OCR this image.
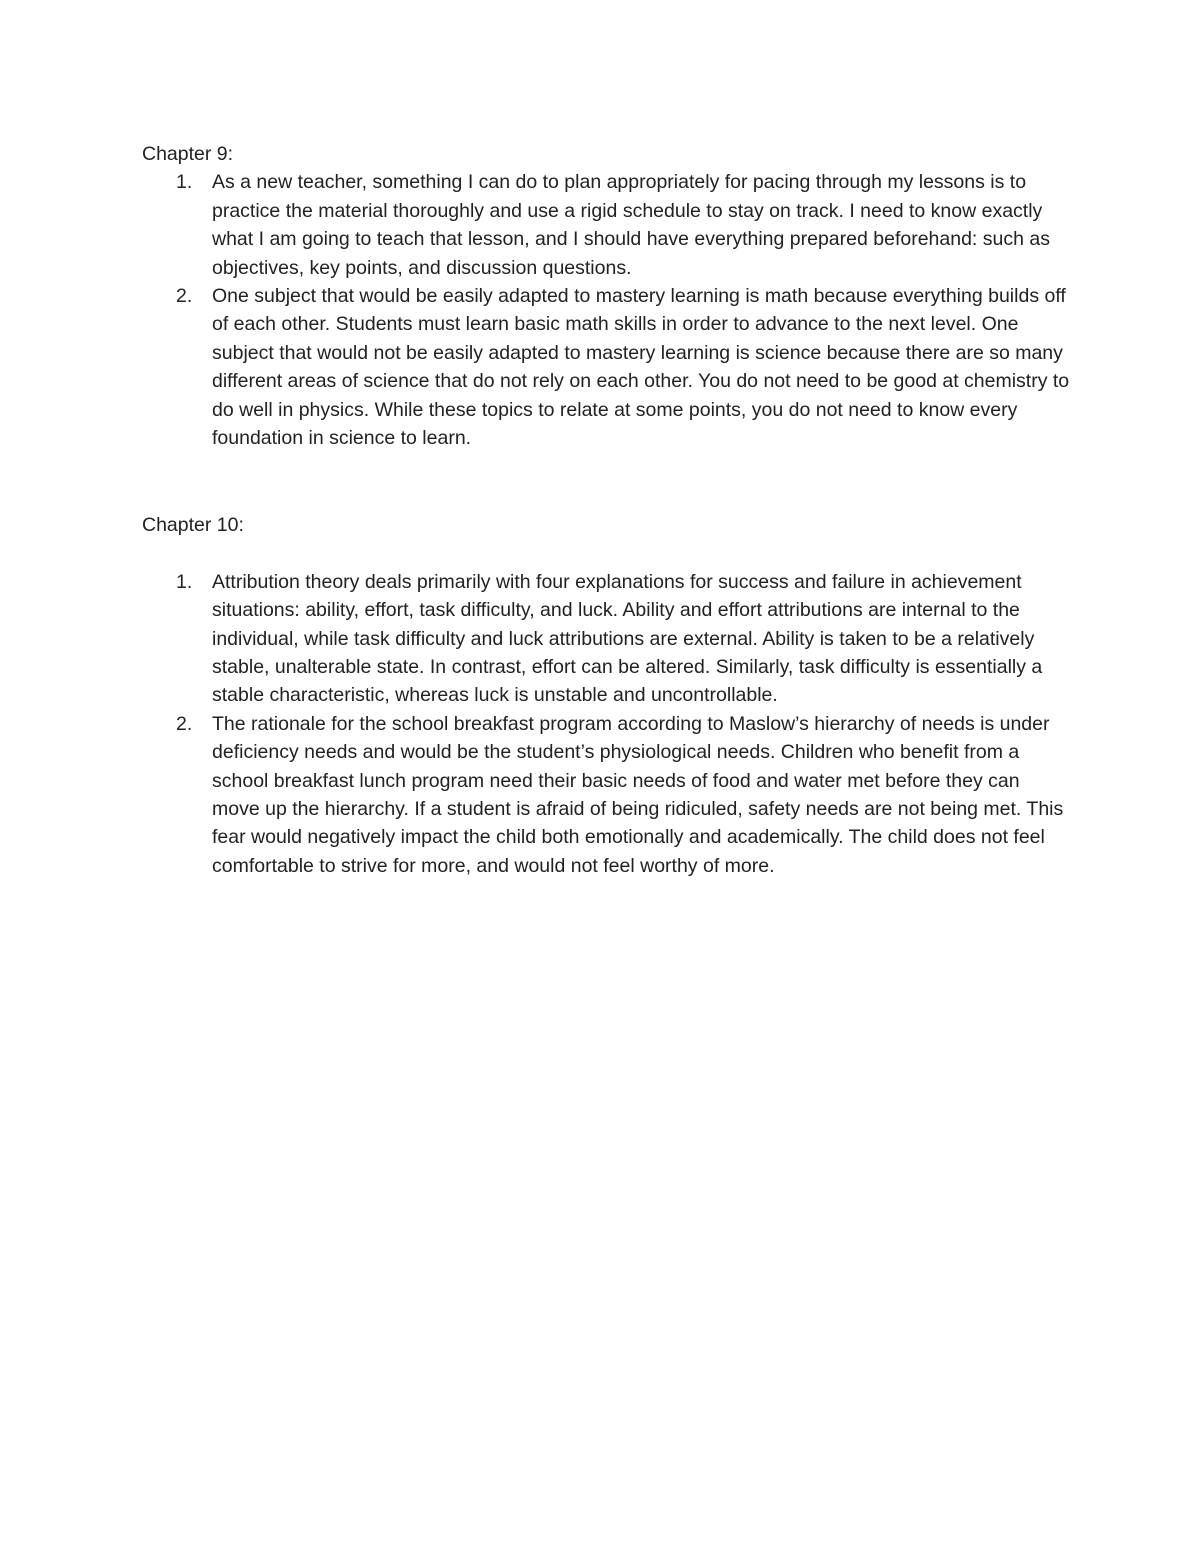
Chapter 9:

1. As a new teacher, something I can do to plan appropriately for pacing through my lessons is to practice the material thoroughly and use a rigid schedule to stay on track. I need to know exactly what I am going to teach that lesson, and I should have everything prepared beforehand: such as objectives, key points, and discussion questions.
2. One subject that would be easily adapted to mastery learning is math because everything builds off of each other. Students must learn basic math skills in order to advance to the next level. One subject that would not be easily adapted to mastery learning is science because there are so many different areas of science that do not rely on each other. You do not need to be good at chemistry to do well in physics. While these topics to relate at some points, you do not need to know every foundation in science to learn.

Chapter 10:

1. Attribution theory deals primarily with four explanations for success and failure in achievement situations: ability, effort, task difficulty, and luck. Ability and effort attributions are internal to the individual, while task difficulty and luck attributions are external. Ability is taken to be a relatively stable, unalterable state. In contrast, effort can be altered. Similarly, task difficulty is essentially a stable characteristic, whereas luck is unstable and uncontrollable.
2. The rationale for the school breakfast program according to Maslow’s hierarchy of needs is under deficiency needs and would be the student’s physiological needs. Children who benefit from a school breakfast lunch program need their basic needs of food and water met before they can move up the hierarchy. If a student is afraid of being ridiculed, safety needs are not being met. This fear would negatively impact the child both emotionally and academically. The child does not feel comfortable to strive for more, and would not feel worthy of more.
